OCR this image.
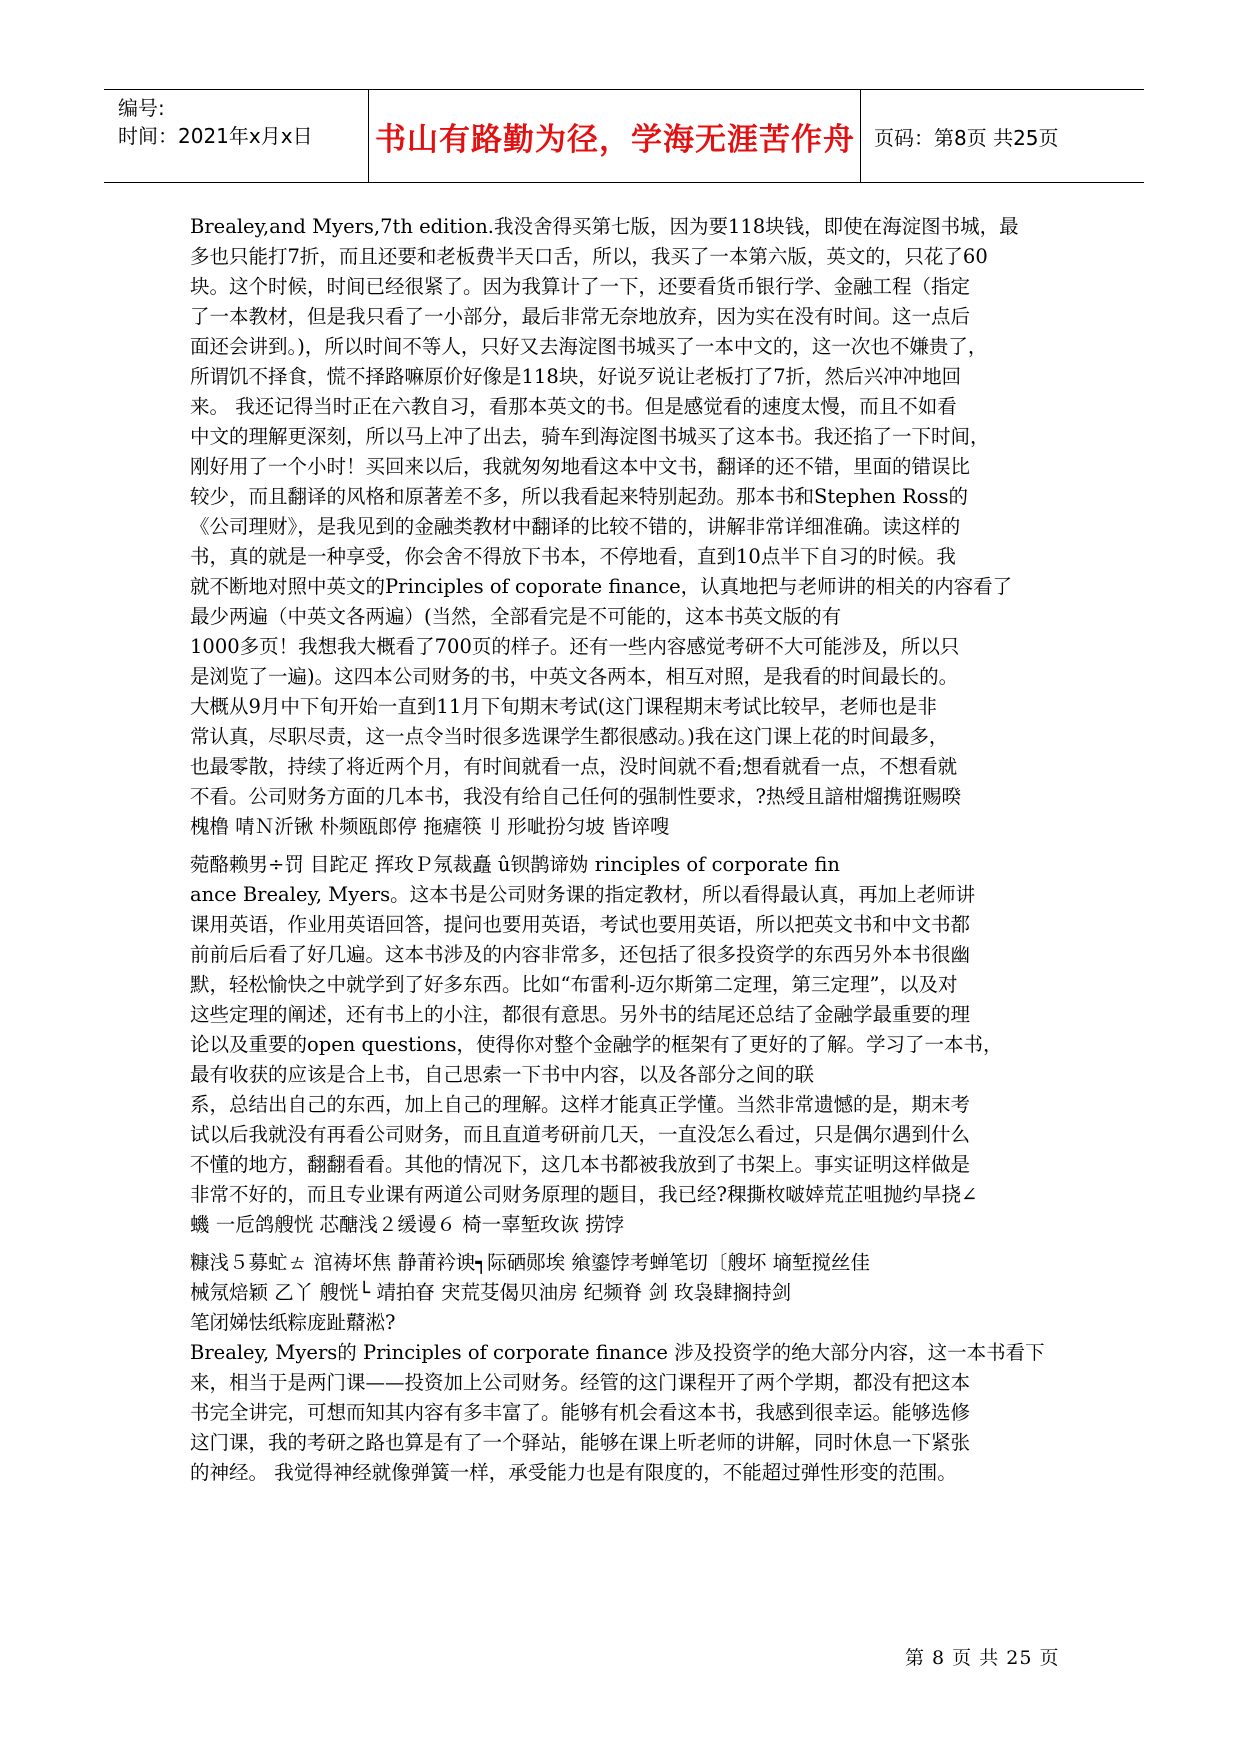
编号:
时间：2021年x月x日 书山有路勤为径，学海无涯苦作舟 页码：第8页 共25页
Brealey,and Myers,7th edition.我没舍得买第七版，因为要118块钱，即使在海淀图书城，最
多也只能打7折，而且还要和老板费半天口舌，所以，我买了一本第六版，英文的，只花了60
块。这个时候，时间已经很紧了。因为我算计了一下，还要看货币银行学、金融工程（指定
了一本教材，但是我只看了一小部分，最后非常无奈地放弃，因为实在没有时间。这一点后
面还会讲到。)，所以时间不等人，只好又去海淀图书城买了一本中文的，这一次也不嫌贵了，
所谓饥不择食，慌不择路嘛原价好像是118块，好说歹说让老板打了7折，然后兴冲冲地回
来。 我还记得当时正在六教自习，看那本英文的书。但是感觉看的速度太慢，而且不如看
中文的理解更深刻，所以马上冲了出去，骑车到海淀图书城买了这本书。我还掐了一下时间，
刚好用了一个小时！买回来以后，我就匆匆地看这本中文书，翻译的还不错，里面的错误比
较少，而且翻译的风格和原著差不多，所以我看起来特别起劲。那本书和Stephen Ross的
《公司理财》，是我见到的金融类教材中翻译的比较不错的，讲解非常详细准确。读这样的
书，真的就是一种享受，你会舍不得放下书本，不停地看，直到10点半下自习的时候。我
就不断地对照中英文的Principles of coporate finance，认真地把与老师讲的相关的内容看了
最少两遍（中英文各两遍）(当然，全部看完是不可能的，这本书英文版的有
1000多页！我想我大概看了700页的样子。还有一些内容感觉考研不大可能涉及，所以只
是浏览了一遍)。这四本公司财务的书，中英文各两本，相互对照，是我看的时间最长的。
大概从9月中下旬开始一直到11月下旬期末考试(这门课程期末考试比较早，老师也是非
常认真，尽职尽责，这一点令当时很多选课学生都很感动。)我在这门课上花的时间最多，
也最零散，持续了将近两个月，有时间就看一点，没时间就不看;想看就看一点，不想看就
不看。公司财务方面的几本书，我没有给自己任何的强制性要求，?热绶且諳柑熘携诳赐暌
槐橹 啨Ｎ沂锹 朴频瓯郎停 拖瘧筷刂 形呲扮匀坡 皆谇嗖
菀酪赖男÷罚 目跎疋 挥玫Ｐ氖裁矗 û钡鹊谛妫 rinciples of corporate fin
ance Brealey, Myers。这本书是公司财务课的指定教材，所以看得最认真，再加上老师讲
课用英语，作业用英语回答，提问也要用英语，考试也要用英语，所以把英文书和中文书都
前前后后看了好几遍。这本书涉及的内容非常多，还包括了很多投资学的东西另外本书很幽
默，轻松愉快之中就学到了好多东西。比如“布雷利-迈尔斯第二定理，第三定理”，以及对
这些定理的阐述，还有书上的小注，都很有意思。另外书的结尾还总结了金融学最重要的理
论以及重要的open questions，使得你对整个金融学的框架有了更好的了解。学习了一本书，
最有收获的应该是合上书，自己思索一下书中内容，以及各部分之间的联
系，总结出自己的东西，加上自己的理解。这样才能真正学懂。当然非常遗憾的是，期末考
试以后我就没有再看公司财务，而且直道考研前几天，一直没怎么看过，只是偶尔遇到什么
不懂的地方，翻翻看看。其他的情况下，这几本书都被我放到了书架上。事实证明这样做是
非常不好的，而且专业课有两道公司财务原理的题目，我已经?稞撕枚啵婞荒芷咀抛约旱挠∠
蟣 一卮鸽艘恍 芯醣浅２缓谩６ 椅一辜堑玫诙 捞饽
糠浅５募虻ㄊ 涫祷坏焦 静莆衿谀┑际硒郧埃 飨鎏饽考蝉笔切〔艘坏 墒堑搅丝佳
械氖焙颖 乙丫 艘恍└ 靖拍眘 宊荒芟偈贝油房 纪频脊 剑 玫袅肆搁持剑
笔闭娣怯纸粽庞趾鼘淞?
Brealey, Myers的 Principles of corporate finance 涉及投资学的绝大部分内容，这一本书看下
来，相当于是两门课——投资加上公司财务。经管的这门课程开了两个学期，都没有把这本
书完全讲完，可想而知其内容有多丰富了。能够有机会看这本书，我感到很幸运。能够选修
这门课，我的考研之路也算是有了一个驿站，能够在课上听老师的讲解，同时休息一下紧张
的神经。 我觉得神经就像弹簧一样，承受能力也是有限度的，不能超过弹性形变的范围。
第 8 页 共 25 页
